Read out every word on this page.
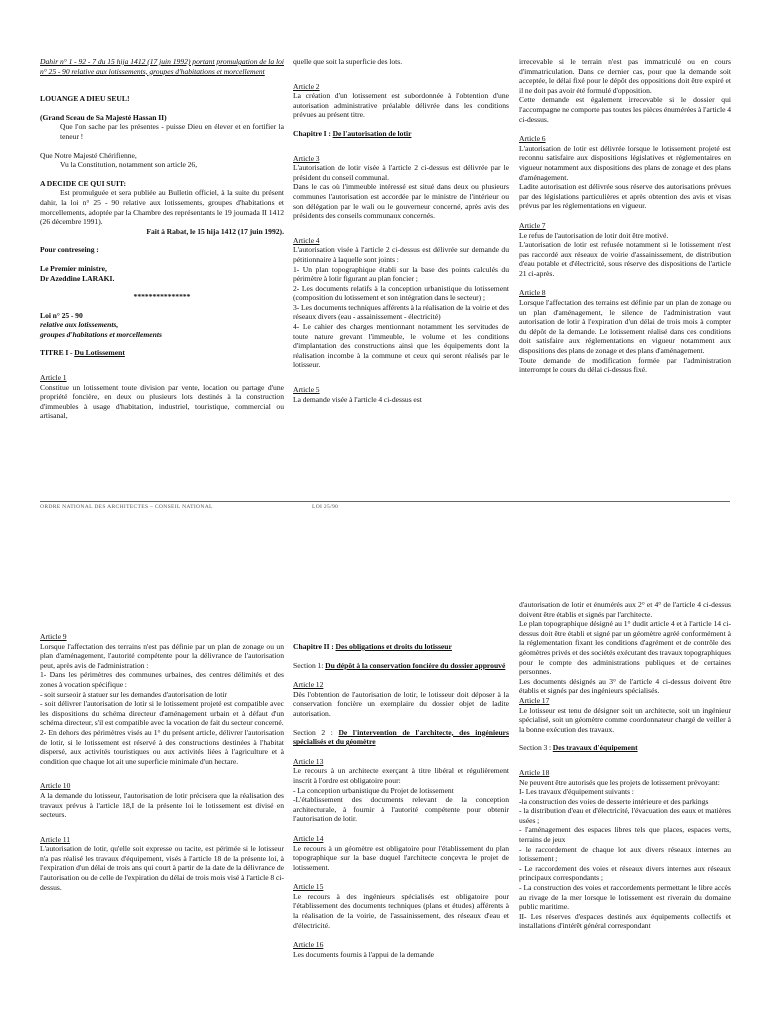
Dahir n° 1 - 92 - 7 du 15 hija 1412 (17 juin 1992) portant promulgation de la loi n° 25 - 90 relative aux lotissements, groupes d'habitations et morcellement

LOUANGE A DIEU SEUL!

(Grand Sceau de Sa Majesté Hassan II)

Que l'on sache par les présentes - puisse Dieu en élever et en fortifier la teneur !

Que Notre Majesté Chérifienne,

Vu la Constitution, notamment son article 26,

A DECIDE CE QUI SUIT:

Est promulguée et sera publiée au Bulletin officiel, à la suite du présent dahir, la loi n° 25 - 90 relative aux lotissements, groupes d'habitations et morcellements, adoptée par la Chambre des représentants le 19 joumada II 1412 (26 décembre 1991).

Fait à Rabat, le 15 hija 1412 (17 juin 1992).

Pour contreseing :

Le Premier ministre,

Dr Azeddine LARAKI.

***************

Loi n° 25 - 90

relative aux lotissements,

groupes d'habitations et morcellements

TITRE I - Du Lotissement

Article 1

Constitue un lotissement toute division par vente, location ou partage d'une propriété foncière, en deux ou plusieurs lots destinés à la construction d'immeubles à usage d'habitation, industriel, touristique, commercial ou artisanal,

quelle que soit la superficie des lots.

Article 2

La création d'un lotissement est subordonnée à l'obtention d'une autorisation administrative préalable délivrée dans les conditions prévues au présent titre.

Chapitre I : De l'autorisation de lotir

Article 3

L'autorisation de lotir visée à l'article 2 ci-dessus est délivrée par le président du conseil communal.

Dans le cas où l'immeuble intéressé est situé dans deux ou plusieurs communes l'autorisation est accordée par le ministre de l'intérieur ou son délégation par le wali ou le gouverneur concerné, après avis des présidents des conseils communaux concernés.

Article 4

L'autorisation visée à l'article 2 ci-dessus est délivrée sur demande du pétitionnaire à laquelle sont joints :

1- Un plan topographique établi sur la base des points calculés du périmètre à lotir figurant au plan foncier ;

2- Les documents relatifs à la conception urbanistique du lotissement (composition du lotissement et son intégration dans le secteur) ;

3- Les documents techniques afférents à la réalisation de la voirie et des réseaux divers (eau - assainissement - électricité)

4- Le cahier des charges mentionnant notamment les servitudes de toute nature grevant l'immeuble, le volume et les conditions d'implantation des constructions ainsi que les équipements dont la réalisation incombe à la commune et ceux qui seront réalisés par le lotisseur.

Article 5

La demande visée à l'article 4 ci-dessus est

irrecevable si le terrain n'est pas immatriculé ou en cours d'immatriculation. Dans ce dernier cas, pour que la demande soit acceptée, le délai fixé pour le dépôt des oppositions doit être expiré et il ne doit pas avoir été formulé d'opposition.

Cette demande est également irrecevable si le dossier qui l'accompagne ne comporte pas toutes les pièces énumérées à l'article 4 ci-dessus.

Article 6

L'autorisation de lotir est délivrée lorsque le lotissement projeté est reconnu satisfaire aux dispositions législatives et réglementaires en vigueur notamment aux dispositions des plans de zonage et des plans d'aménagement.

Ladite autorisation est délivrée sous réserve des autorisations prévues par des législations particulières et après obtention des avis et visas prévus par les réglementations en vigueur.

Article 7

Le refus de l'autorisation de lotir doit être motivé.

L'autorisation de lotir est refusée notamment si le lotissement n'est pas raccordé aux réseaux de voirie d'assainissement, de distribution d'eau potable et d'électricité, sous réserve des dispositions de l'article 21 ci-après.

Article 8

Lorsque l'affectation des terrains est définie par un plan de zonage ou un plan d'aménagement, le silence de l'administration vaut autorisation de lotir à l'expiration d'un délai de trois mois à compter du dépôt de la demande. Le lotissement réalisé dans ces conditions doit satisfaire aux réglementations en vigueur notamment aux dispositions des plans de zonage et des plans d'aménagement.

Toute demande de modification formée par l'administration interrompt le cours du délai ci-dessus fixé.

ORDRE NATIONAL DES ARCHITECTES – CONSEIL NATIONAL	LOI 25/90

Article 9

Lorsque l'affectation des terrains n'est pas définie par un plan de zonage ou un plan d'aménagement, l'autorité compétente pour la délivrance de l'autorisation peut, après avis de l'administration :

1- Dans les périmètres des communes urbaines, des centres délimités et des zones à vocation spécifique :

- soit surseoir à statuer sur les demandes d'autorisation de lotir

- soit délivrer l'autorisation de lotir si le lotissement projeté est compatible avec les dispositions du schéma directeur d'aménagement urbain et à défaut d'un schéma directeur, s'il est compatible avec la vocation de fait du secteur concerné.

2- En dehors des périmètres visés au 1° du présent article, délivrer l'autorisation de lotir, si le lotissement est réservé à des constructions destinées à l'habitat dispersé, aux activités touristiques ou aux activités liées à l'agriculture et à condition que chaque lot ait une superficie minimale d'un hectare.

Article 10

A la demande du lotisseur, l'autorisation de lotir précisera que la réalisation des travaux prévus à l'article 18,I de la présente loi le lotissement est divisé en secteurs.

Article 11

L'autorisation de lotir, qu'elle soit expresse ou tacite, est périmée si le lotisseur n'a pas réalisé les travaux d'équipement, visés à l'article 18 de la présente loi, à l'expiration d'un délai de trois ans qui court à partir de la date de la délivrance de l'autorisation ou de celle de l'expiration du délai de trois mois visé à l'article 8 ci-dessus.

Chapitre II : Des obligations et droits du lotisseur

Section 1: Du dépôt à la conservation foncière du dossier approuvé

Article 12

Dès l'obtention de l'autorisation de lotir, le lotisseur doit déposer à la conservation foncière un exemplaire du dossier objet de ladite autorisation.

Section 2 : De l'intervention de l'architecte, des ingénieurs spécialisés et du géomètre

Article 13

Le recours à un architecte exerçant à titre libéral et régulièrement inscrit à l'ordre est obligatoire pour:

- La conception urbanistique du Projet de lotissement

-L'établissement des documents relevant de la conception architecturale, à fournir à l'autorité compétente pour obtenir l'autorisation de lotir.

Article 14

Le recours à un géomètre est obligatoire pour l'établissement du plan topographique sur la base duquel l'architecte conçevra le projet de lotissement.

Article 15

Le recours à des ingénieurs spécialisés est obligatoire pour l'établissement des documents techniques (plans et études) afférents à la réalisation de la voirie, de l'assainissement, des réseaux d'eau et d'électricité.

Article 16

Les documents fournis à l'appui de la demande

d'autorisation de lotir et énumérés aux 2° et 4° de l'article 4 ci-dessus doivent être établis et signés par l'architecte.

Le plan topographique désigné au 1° dudit article 4 et à l'article 14 ci-dessus doit être établi et signé par un géomètre agréé conformément à la réglementation fixant les conditions d'agrément et de contrôle des géomètres privés et des sociétés exécutant des travaux topographiques pour le compte des administrations publiques et de certaines personnes.

Les documents désignés au 3° de l'article 4 ci-dessus doivent être établis et signés par des ingénieurs spécialisés.

Article 17

Le lotisseur est tenu de désigner soit un architecte, soit un ingénieur spécialisé, soit un géomètre comme coordonnateur chargé de veiller à la bonne exécution des travaux.

Section 3 : Des travaux d'équipement

Article 18

Ne peuvent être autorisés que les projets de lotissement prévoyant:

I- Les travaux d'équipement suivants :

-la construction des voies de desserte intérieure et des parkings

- la distribution d'eau et d'électricité, l'évacuation des eaux et matières usées ;

- l'aménagement des espaces libres tels que places, espaces verts, terrains de jeux

- le raccordement de chaque lot aux divers réseaux internes au lotissement ;

- Le raccordement des voies et réseaux divers internes aux réseaux principaux correspondants ;

- La construction des voies et raccordements permettant le libre accès au rivage de la mer lorsque le lotissement est riverain du domaine public maritime.

II- Les réserves d'espaces destinés aux équipements collectifs et installations d'intérêt général correspondant
